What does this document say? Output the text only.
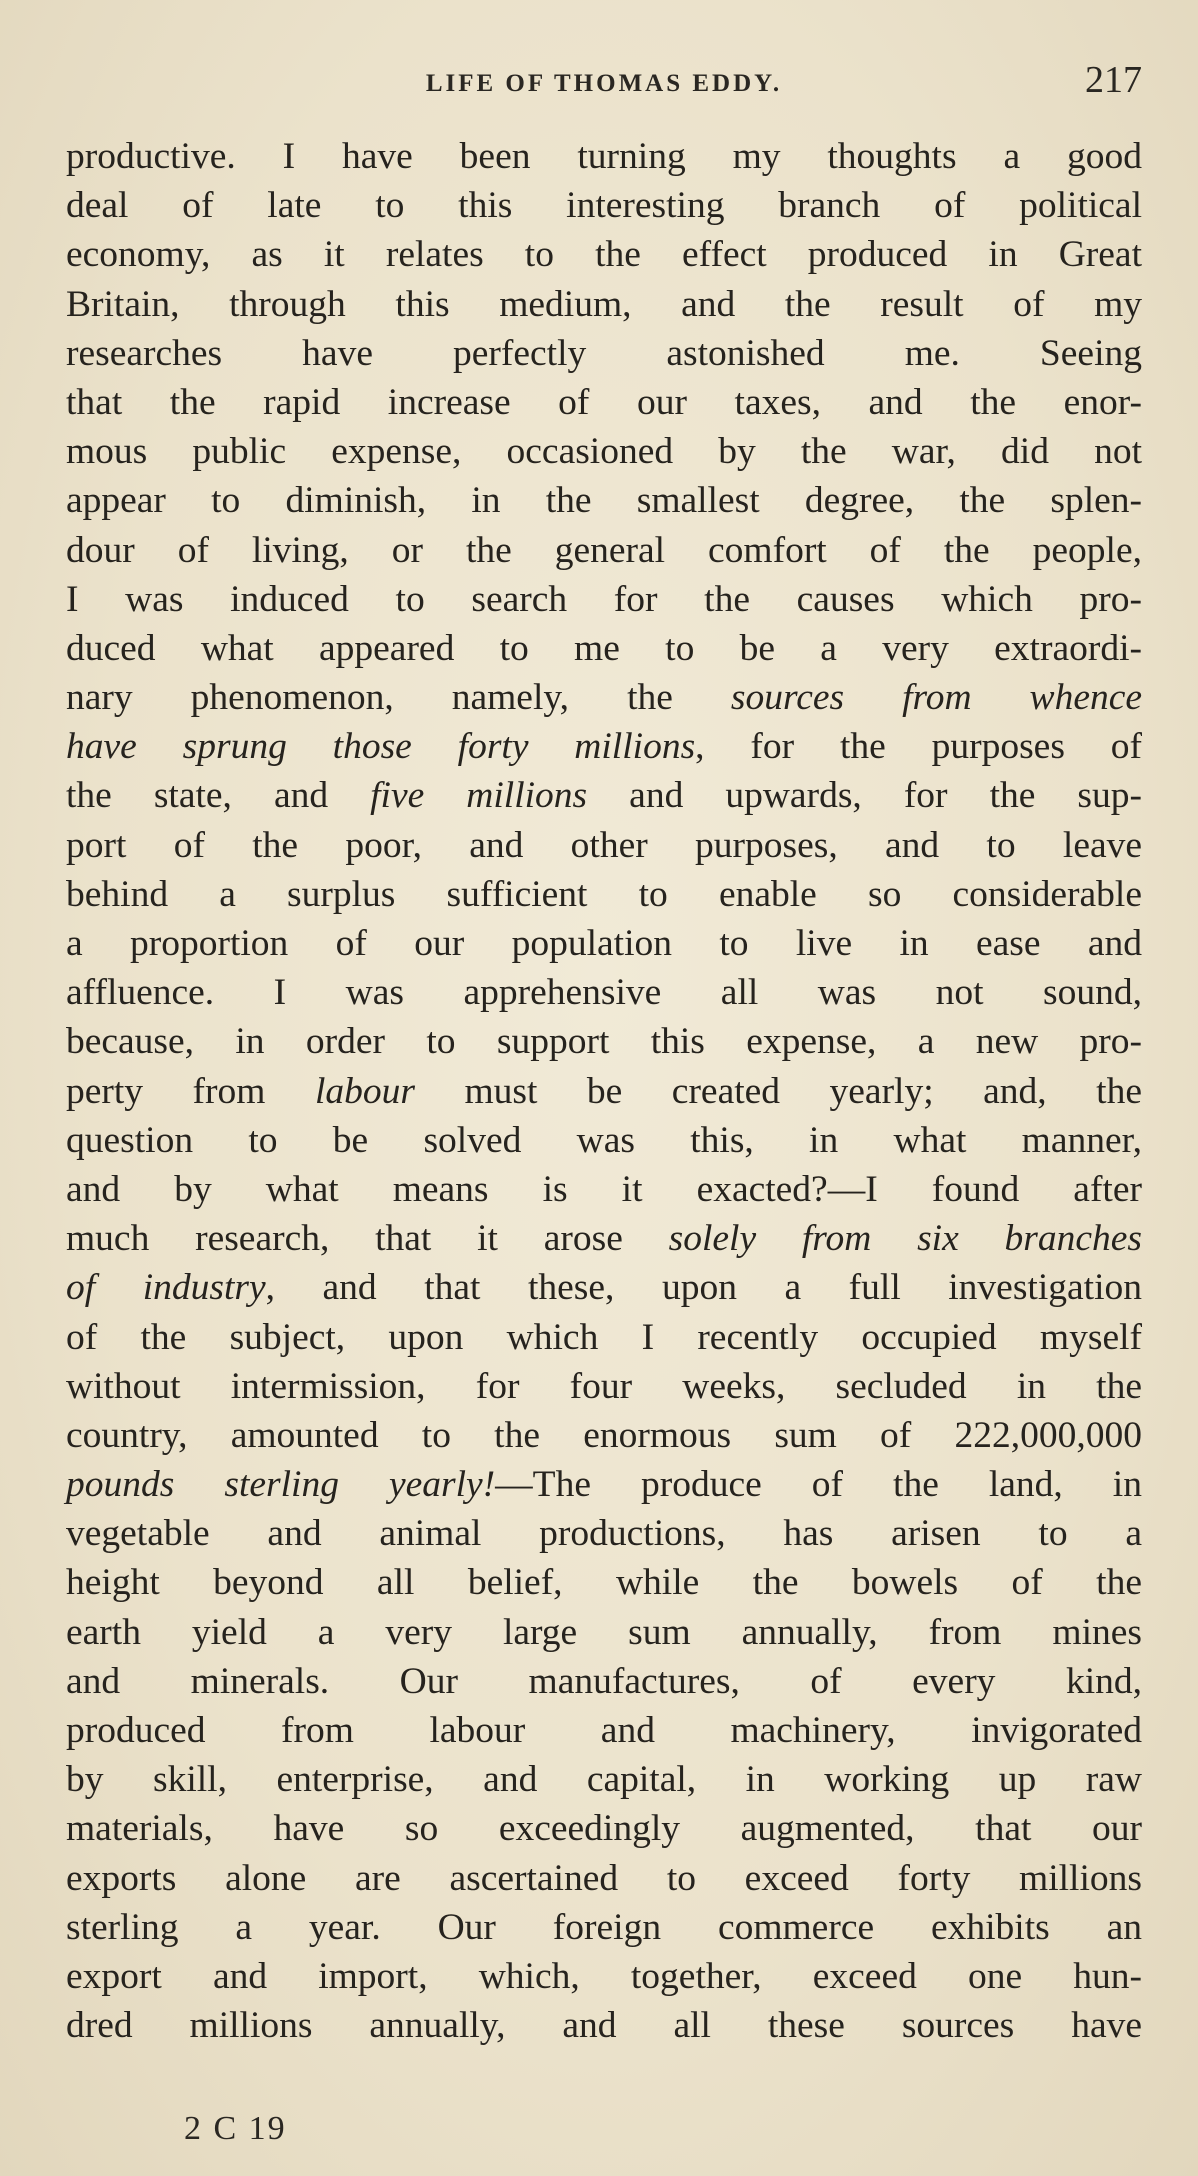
LIFE OF THOMAS EDDY.	217

productive. I have been turning my thoughts a good
deal of late to this interesting branch of political
economy, as it relates to the effect produced in Great
Britain, through this medium, and the result of my
researches have perfectly astonished me. Seeing
that the rapid increase of our taxes, and the enor-
mous public expense, occasioned by the war, did not
appear to diminish, in the smallest degree, the splen-
dour of living, or the general comfort of the people,
I was induced to search for the causes which pro-
duced what appeared to me to be a very extraordi-
nary phenomenon, namely, the sources from whence
have sprung those forty millions, for the purposes of
the state, and five millions and upwards, for the sup-
port of the poor, and other purposes, and to leave
behind a surplus sufficient to enable so considerable
a proportion of our population to live in ease and
affluence. I was apprehensive all was not sound,
because, in order to support this expense, a new pro-
perty from labour must be created yearly; and, the
question to be solved was this, in what manner,
and by what means is it exacted?—I found after
much research, that it arose solely from six branches
of industry, and that these, upon a full investigation
of the subject, upon which I recently occupied myself
without intermission, for four weeks, secluded in the
country, amounted to the enormous sum of 222,000,000
pounds sterling yearly!—The produce of the land, in
vegetable and animal productions, has arisen to a
height beyond all belief, while the bowels of the
earth yield a very large sum annually, from mines
and minerals. Our manufactures, of every kind,
produced from labour and machinery, invigorated
by skill, enterprise, and capital, in working up raw
materials, have so exceedingly augmented, that our
exports alone are ascertained to exceed forty millions
sterling a year. Our foreign commerce exhibits an
export and import, which, together, exceed one hun-
dred millions annually, and all these sources have

2 C 19
